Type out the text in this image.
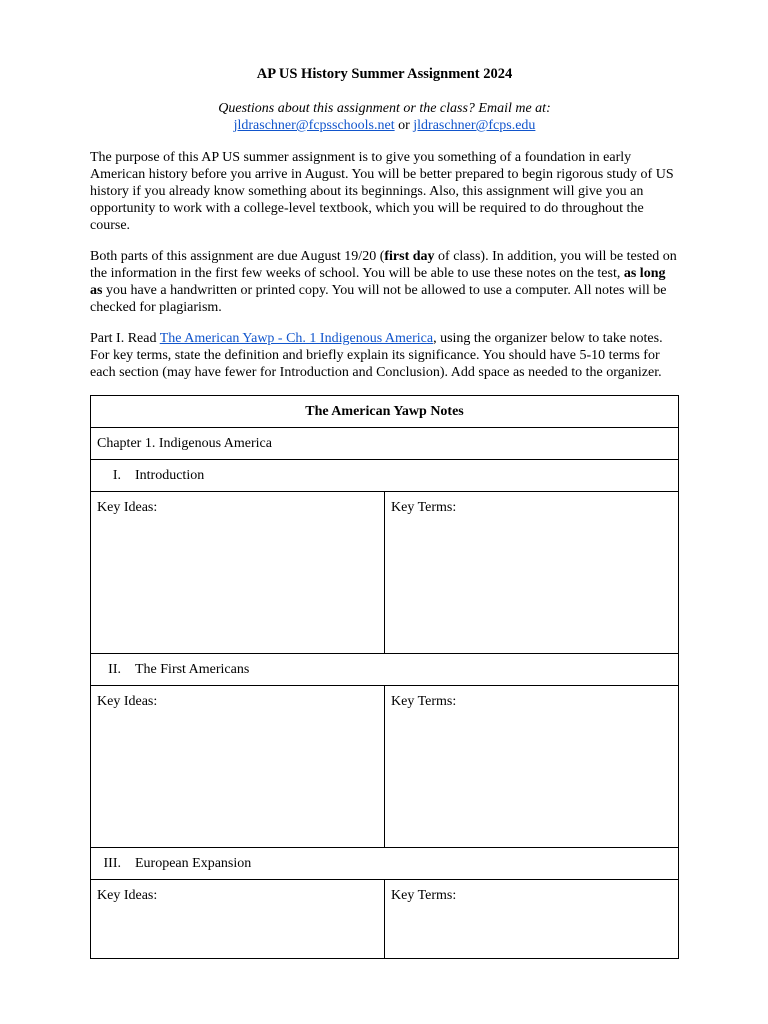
AP US History Summer Assignment 2024
Questions about this assignment or the class? Email me at:
jldraschner@fcpsschools.net or jldraschner@fcps.edu
The purpose of this AP US summer assignment is to give you something of a foundation in early American history before you arrive in August. You will be better prepared to begin rigorous study of US history if you already know something about its beginnings. Also, this assignment will give you an opportunity to work with a college-level textbook, which you will be required to do throughout the course.
Both parts of this assignment are due August 19/20 (first day of class). In addition, you will be tested on the information in the first few weeks of school. You will be able to use these notes on the test, as long as you have a handwritten or printed copy. You will not be allowed to use a computer. All notes will be checked for plagiarism.
Part I. Read The American Yawp - Ch. 1 Indigenous America, using the organizer below to take notes. For key terms, state the definition and briefly explain its significance. You should have 5-10 terms for each section (may have fewer for Introduction and Conclusion). Add space as needed to the organizer.
The American Yawp Notes	
Chapter 1. Indigenous America	
I. Introduction	
Key Ideas:	Key Terms:
II. The First Americans	
Key Ideas:	Key Terms:
III. European Expansion	
Key Ideas:	Key Terms:
